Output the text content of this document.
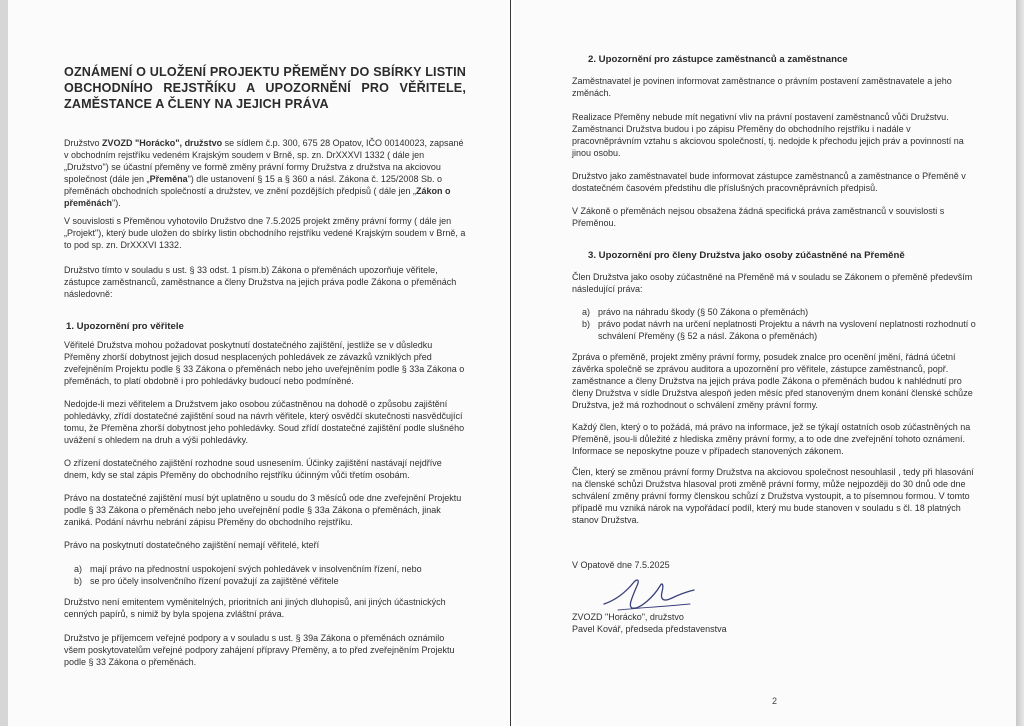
OZNÁMENÍ O ULOŽENÍ PROJEKTU PŘEMĚNY DO SBÍRKY LISTIN OBCHODNÍHO REJSTŘÍKU A UPOZORNĚNÍ PRO VĚŘITELE, ZAMĚSTANCE A ČLENY NA JEJICH PRÁVA
Družstvo ZVOZD "Horácko", družstvo se sídlem č.p. 300, 675 28 Opatov, IČO 00140023, zapsané v obchodním rejstříku vedeném Krajským soudem v Brně, sp. zn. DrXXXVI 1332 ( dále jen „Družstvo") se účastní přeměny ve formě změny právní formy Družstva z družstva na akciovou společnost (dále jen „Přeměna") dle ustanovení § 15 a § 360 a násl. Zákona č. 125/2008 Sb. o přeměnách obchodních společností a družstev, ve znění pozdějších předpisů ( dále jen „Zákon o přeměnách").
V souvislosti s Přeměnou vyhotovilo Družstvo dne 7.5.2025 projekt změny právní formy ( dále jen „Projekt"), který bude uložen do sbírky listin obchodního rejstříku vedené Krajským soudem v Brně, a to pod sp. zn. DrXXXVI 1332.
Družstvo tímto v souladu s ust. § 33 odst. 1 písm.b) Zákona o přeměnách upozorňuje věřitele, zástupce zaměstnanců, zaměstnance a členy Družstva na jejich práva podle Zákona o přeměnách následovně:
1. Upozornění pro věřitele
Věřitelé Družstva mohou požadovat poskytnutí dostatečného zajištění, jestliže se v důsledku Přeměny zhorší dobytnost jejich dosud nesplacených pohledávek ze závazků vzniklých před zveřejněním Projektu podle § 33 Zákona o přeměnách nebo jeho uveřejněním podle § 33a Zákona o přeměnách, to platí obdobně i pro pohledávky budoucí nebo podmíněné.
Nedojde-li mezi věřitelem a Družstvem jako osobou zúčastněnou na dohodě o způsobu zajištění pohledávky, zřídí dostatečné zajištění soud na návrh věřitele, který osvědčí skutečnosti nasvědčující tomu, že Přeměna zhorší dobytnost jeho pohledávky. Soud zřídí dostatečné zajištění podle slušného uvážení s ohledem na druh a výši pohledávky.
O zřízení dostatečného zajištění rozhodne soud usnesením. Účinky zajištění nastávají nejdříve dnem, kdy se stal zápis Přeměny do obchodního rejstříku účinným vůči třetím osobám.
Právo na dostatečné zajištění musí být uplatněno u soudu do 3 měsíců ode dne zveřejnění Projektu podle § 33 Zákona o přeměnách nebo jeho uveřejnění podle § 33a Zákona o přeměnách, jinak zaniká. Podání návrhu nebrání zápisu Přeměny do obchodního rejstříku.
Právo na poskytnutí dostatečného zajištění nemají věřitelé, kteří
a) mají právo na přednostní uspokojení svých pohledávek v insolvenčním řízení, nebo
b) se pro účely insolvenčního řízení považují za zajištěné věřitele
Družstvo není emitentem vyměnitelných, prioritních ani jiných dluhopisů, ani jiných účastnických cenných papírů, s nimiž by byla spojena zvláštní práva.
Družstvo je příjemcem veřejné podpory a v souladu s ust. § 39a Zákona o přeměnách oznámilo všem poskytovatelům veřejné podpory zahájení přípravy Přeměny, a to před zveřejněním Projektu podle § 33 Zákona o přeměnách.
2. Upozornění pro zástupce zaměstnanců a zaměstnance
Zaměstnavatel je povinen informovat zaměstnance o právním postavení zaměstnavatele a jeho změnách.
Realizace Přeměny nebude mít negativní vliv na právní postavení zaměstnanců vůči Družstvu. Zaměstnanci Družstva budou i po zápisu Přeměny do obchodního rejstříku i nadále v pracovněprávním vztahu s akciovou společností, tj. nedojde k přechodu jejich práv a povinností na jinou osobu.
Družstvo jako zaměstnavatel bude informovat zástupce zaměstnanců a zaměstnance o Přeměně v dostatečném časovém předstihu dle příslušných pracovněprávních předpisů.
V Zákoně o přeměnách nejsou obsažena žádná specifická práva zaměstnanců v souvislosti s Přeměnou.
3. Upozornění pro členy Družstva jako osoby zúčastněné na Přeměně
Člen Družstva jako osoby zúčastněné na Přeměně má v souladu se Zákonem o přeměně především následující práva:
a) právo na náhradu škody (§ 50 Zákona o přeměnách)
b) právo podat návrh na určení neplatnosti Projektu a návrh na vyslovení neplatnosti rozhodnutí o schválení Přeměny (§ 52 a násl. Zákona o přeměnách)
Zpráva o přeměně, projekt změny právní formy, posudek znalce pro ocenění jmění, řádná účetní závěrka společně se zprávou auditora a upozornění pro věřitele, zástupce zaměstnanců, popř. zaměstnance a členy Družstva na jejich práva podle Zákona o přeměnách budou k nahlédnutí pro členy Družstva v sídle Družstva alespoň jeden měsíc před stanoveným dnem konání členské schůze Družstva, jež má rozhodnout o schválení změny právní formy.
Každý člen, který o to požádá, má právo na informace, jež se týkají ostatních osob zúčastněných na Přeměně, jsou-li důležité z hlediska změny právní formy, a to ode dne zveřejnění tohoto oznámení. Informace se neposkytne pouze v případech stanovených zákonem.
Člen, který se změnou právní formy Družstva na akciovou společnost nesouhlasil , tedy při hlasování na členské schůzi Družstva hlasoval proti změně právní formy, může nejpozději do 30 dnů ode dne schválení změny právní formy členskou schůzí z Družstva vystoupit, a to písemnou formou. V tomto případě mu vzniká nárok na vypořádací podíl, který mu bude stanoven v souladu s čl. 18 platných stanov Družstva.
V Opatově dne 7.5.2025
ZVOZD "Horácko", družstvo
Pavel Kovář, předseda představenstva
2
